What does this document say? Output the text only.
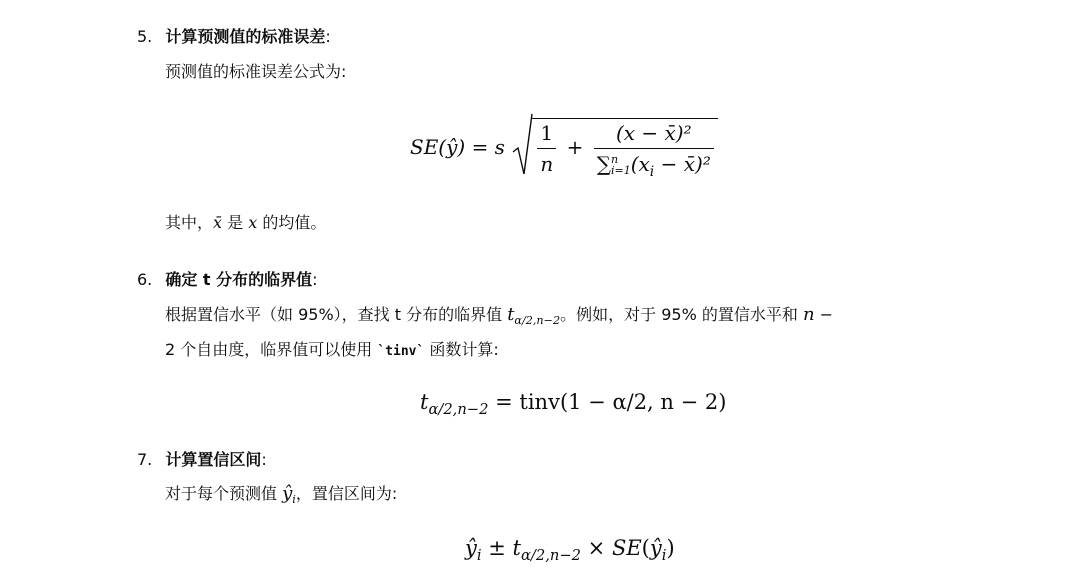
5. 计算预测值的标准误差:
预测值的标准误差公式为:
SE(ŷ) = s $\frac{1}{n} + (x$ − x̄)²
∑ n
i=1 ($x_i$ − x̄)²
其中，x̄ 是 x 的均值。
6. 确定 t 分布的临界值:
根据置信水平（如 95%），查找 t 分布的临界值 $t_{\alpha/2,n-2}$。例如，对于 95% 的置信水平和 n −
2 个自由度，临界值可以使用 `tinv` 函数计算:
$t_{\alpha/2,n-2}$ = tinv(1 − α/2, n − 2)
7. 计算置信区间:
对于每个预测值 $ŷ_i$，置信区间为:
$ŷ_i \pm t_{\alpha/2,n-2}$ × $SE(ŷ_i)$
